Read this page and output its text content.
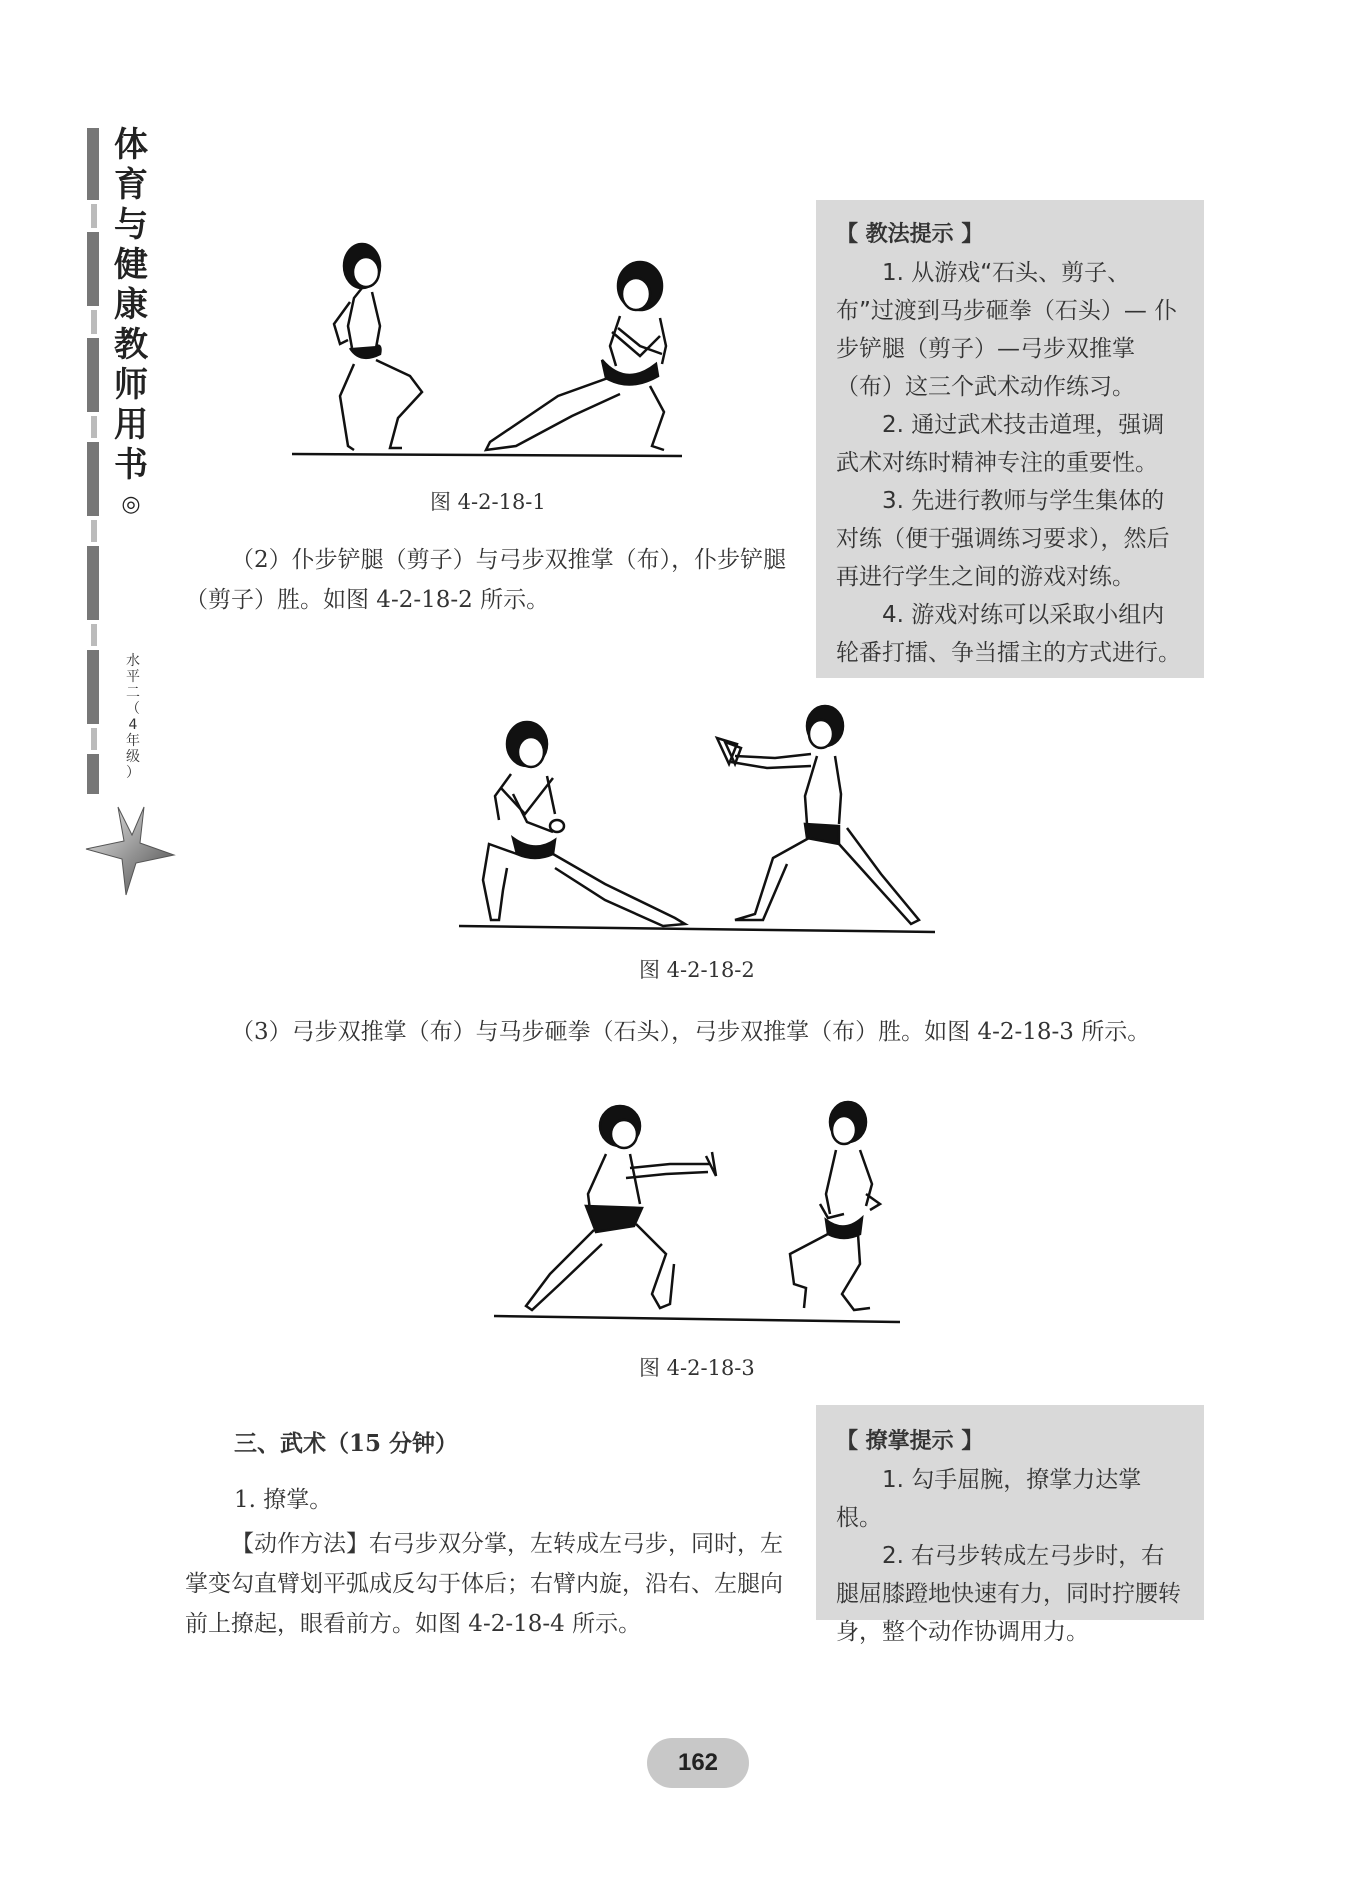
体
育
与
健
康
教
师
用
书
◎
水
平
二
（
4
年
级
）
【 教法提示 】

1. 从游戏“石头、剪子、布”过渡到马步砸拳（石头）— 仆步铲腿（剪子）—弓步双推掌（布）这三个武术动作练习。

2. 通过武术技击道理，强调武术对练时精神专注的重要性。

3. 先进行教师与学生集体的对练（便于强调练习要求），然后再进行学生之间的游戏对练。

4. 游戏对练可以采取小组内轮番打擂、争当擂主的方式进行。

图 4-2-18-1

（2）仆步铲腿（剪子）与弓步双推掌（布），仆步铲腿（剪子）胜。如图 4-2-18-2 所示。

图 4-2-18-2

（3）弓步双推掌（布）与马步砸拳（石头），弓步双推掌（布）胜。如图 4-2-18-3 所示。

图 4-2-18-3
三、武术（15 分钟）
1. 撩掌。

【动作方法】右弓步双分掌，左转成左弓步，同时，左掌变勾直臂划平弧成反勾于体后；右臂内旋，沿右、左腿向前上撩起，眼看前方。如图 4-2-18-4 所示。

【 撩掌提示 】

1. 勾手屈腕，撩掌力达掌根。

2. 右弓步转成左弓步时，右腿屈膝蹬地快速有力，同时拧腰转身，整个动作协调用力。

162
